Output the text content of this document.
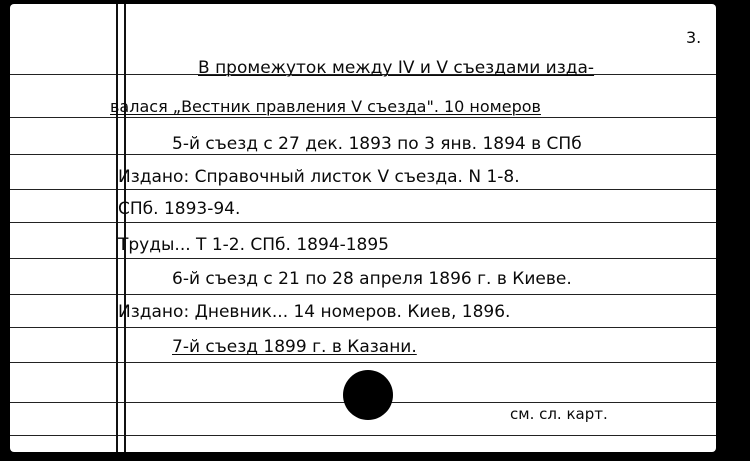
3.
В промежуток между IV и V съездами изда-
валася „Вестник правления V съезда". 10 номеров
5-й съезд с 27 дек. 1893 по 3 янв. 1894 в СПб
Издано: Справочный листок V съезда. N 1-8.
СПб. 1893-94.
Труды... Т 1-2. СПб. 1894-1895
6-й съезд с 21 по 28 апреля 1896 г. в Киеве.
Издано: Дневник... 14 номеров. Киев, 1896.
7-й съезд 1899 г. в Казани.
см. сл. карт.
